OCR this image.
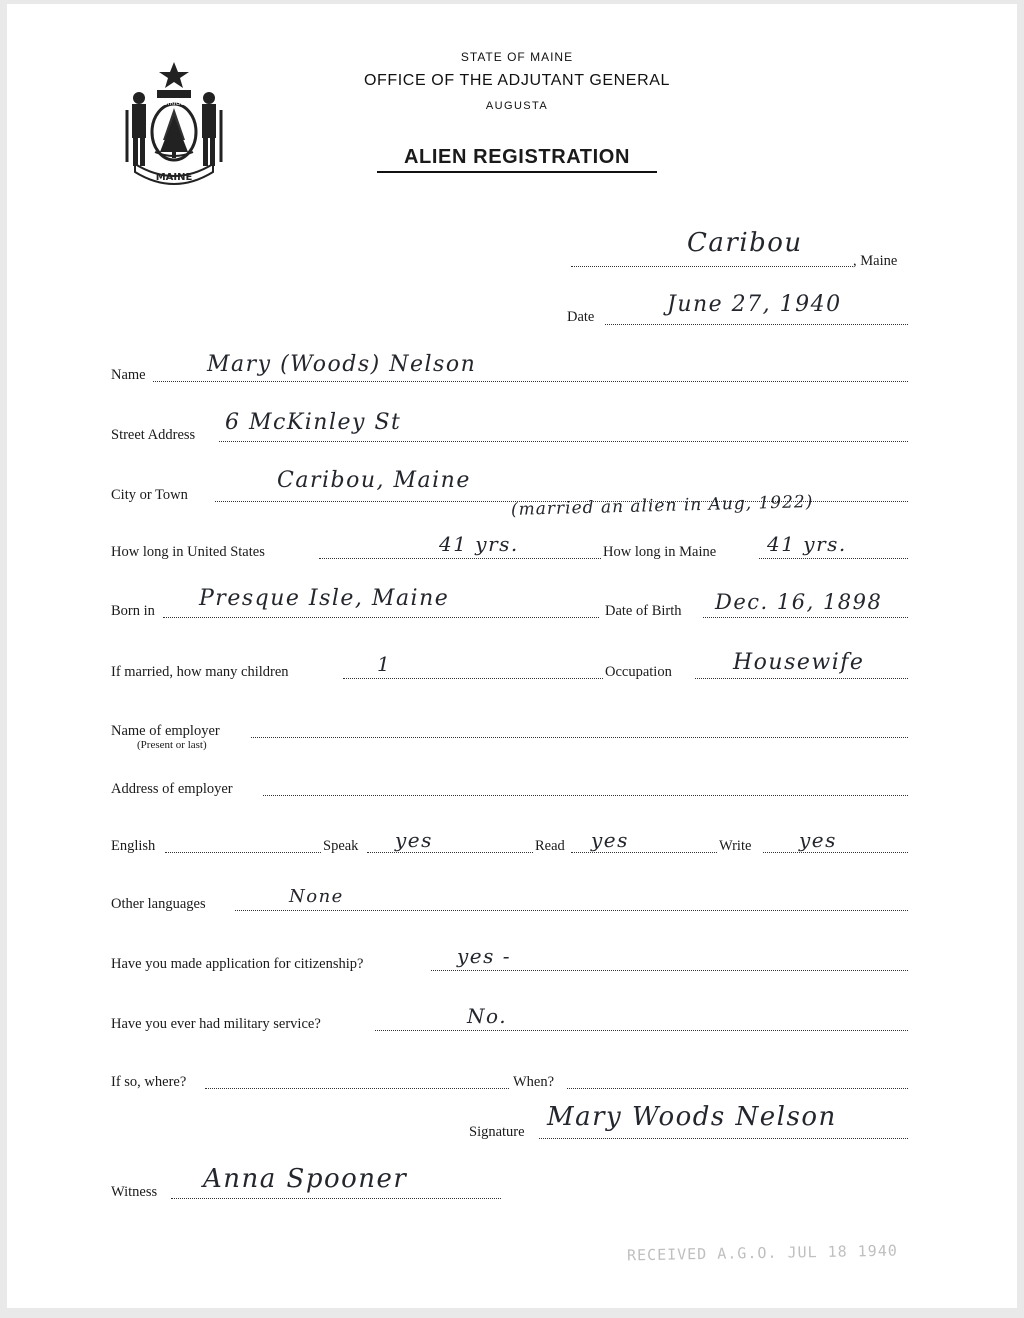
MAINE
DIRIGO
STATE OF MAINE
OFFICE OF THE ADJUTANT GENERAL
AUGUSTA
ALIEN REGISTRATION
Caribou
, Maine
Date	June 27, 1940
Name	Mary (Woods) Nelson
Street Address 6 McKinley St
City or Town
Caribou, Maine
(married an alien in Aug, 1922)
How long in United States	41 yrs.	How long in Maine	41 yrs.
Born in Presque Isle, Maine	Date of Birth Dec. 16, 1898
If married, how many children	1	Occupation	Housewife
Name of employer
(Present or last)
Address of employer
English	Speak yes	Read yes	Write yes
Other languages	None
Have you made application for citizenship?	yes -
Have you ever had military service?	No.
If so, where?	When?
Signature Mary Woods Nelson
Witness Anna Spooner
RECEIVED A.G.O. JUL 18 1940
